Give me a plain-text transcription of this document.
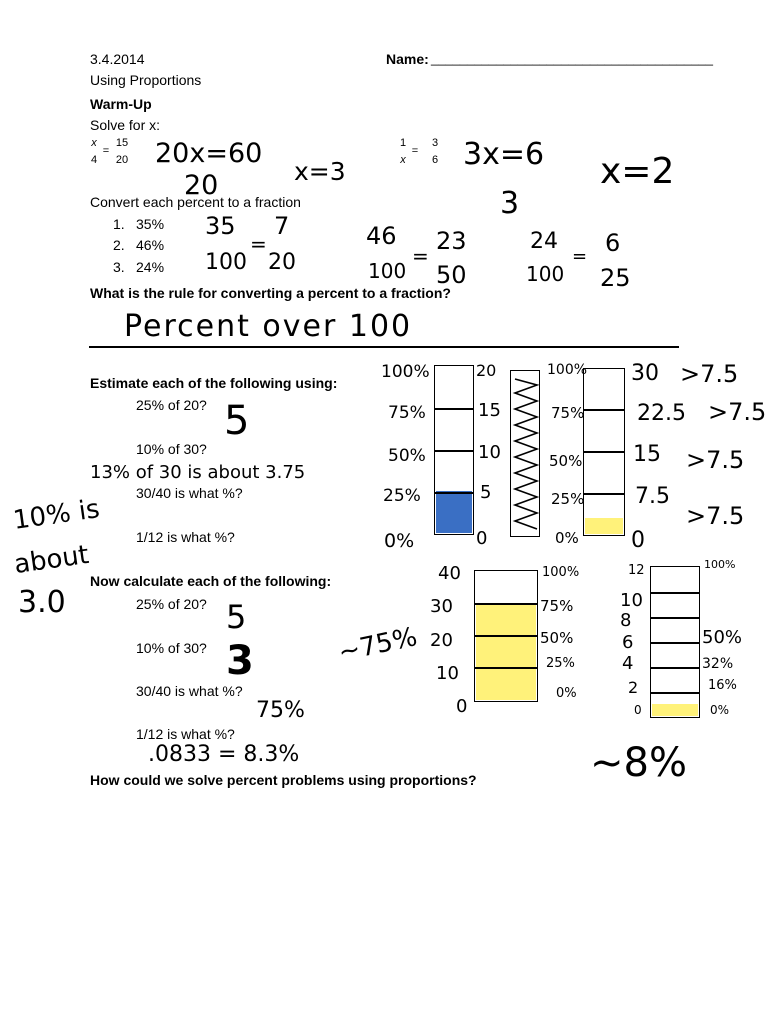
3.4.2014	Name: _______________________________________
Using Proportions
Warm-Up
Solve for x:
x
4
=
15
20
1
x
=
3
6
20x=60
20	x=3	3x=6
3
x=2
Convert each percent to a fraction
1. 35%
2. 46%
3. 24%
35
100
=
7
20
46
100
=
23
50
24
100
= 6
25
What is the rule for converting a percent to a fraction?
Percent over 100
Estimate each of the following using:
25% of 20?
10% of 30?
30/40 is what %?
1/12 is what %?
5
13% of 30 is about 3.75
10% is
about
3.0
100%
75%
50%
25%
0%
20
15
10
5
0
100%
75%
50%
25%
0%
30
22.5
15
7.5
0
>7.5
>7.5
>7.5
>7.5
Now calculate each of the following:
25% of 20?
10% of 30?
30/40 is what %?
1/12 is what %?
5
3
75%
.0833 = 8.3%
~75%
40
30
20
10
0
100%
75%
50%
25%
0%
12
10
8
6
4
2
0
100%
50%
32%
16%
0%
~8%
How could we solve percent problems using proportions?
